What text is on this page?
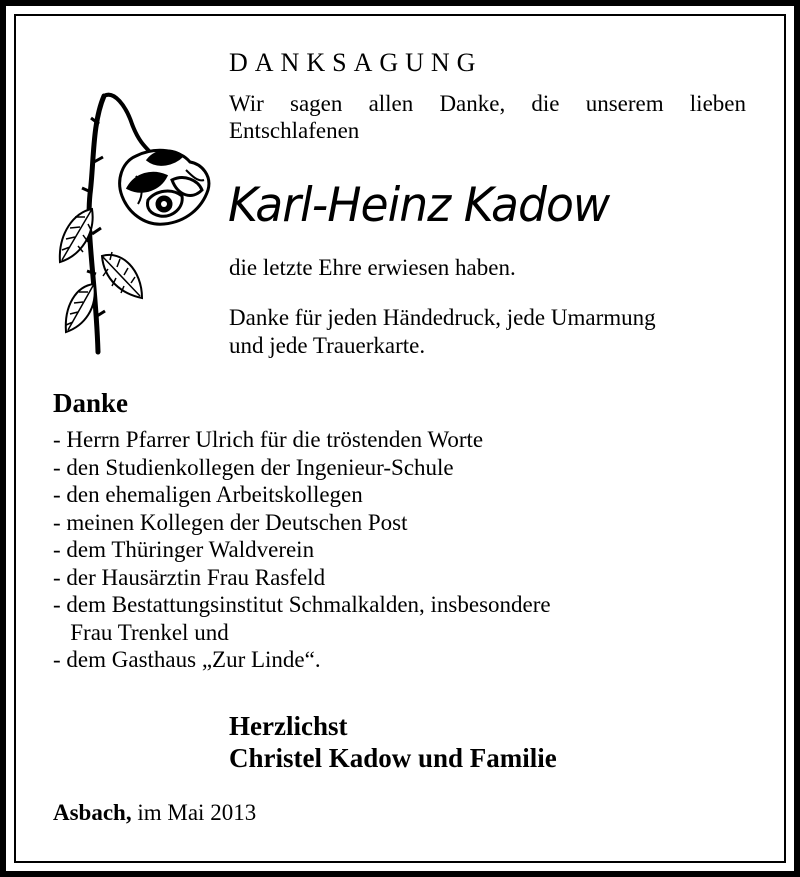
DANKSAGUNG

Wir sagen allen Danke, die unserem lieben Entschlafenen

Karl-Heinz Kadow

die letzte Ehre erwiesen haben.

Danke für jeden Händedruck, jede Umarmung
und jede Trauerkarte.
Danke
- Herrn Pfarrer Ulrich für die tröstenden Worte
- den Studienkollegen der Ingenieur-Schule
- den ehemaligen Arbeitskollegen
- meinen Kollegen der Deutschen Post
- dem Thüringer Waldverein
- der Hausärztin Frau Rasfeld
- dem Bestattungsinstitut Schmalkalden, insbesondere
Frau Trenkel und
- dem Gasthaus „Zur Linde“.
Herzlichst
Christel Kadow und Familie

Asbach, im Mai 2013
